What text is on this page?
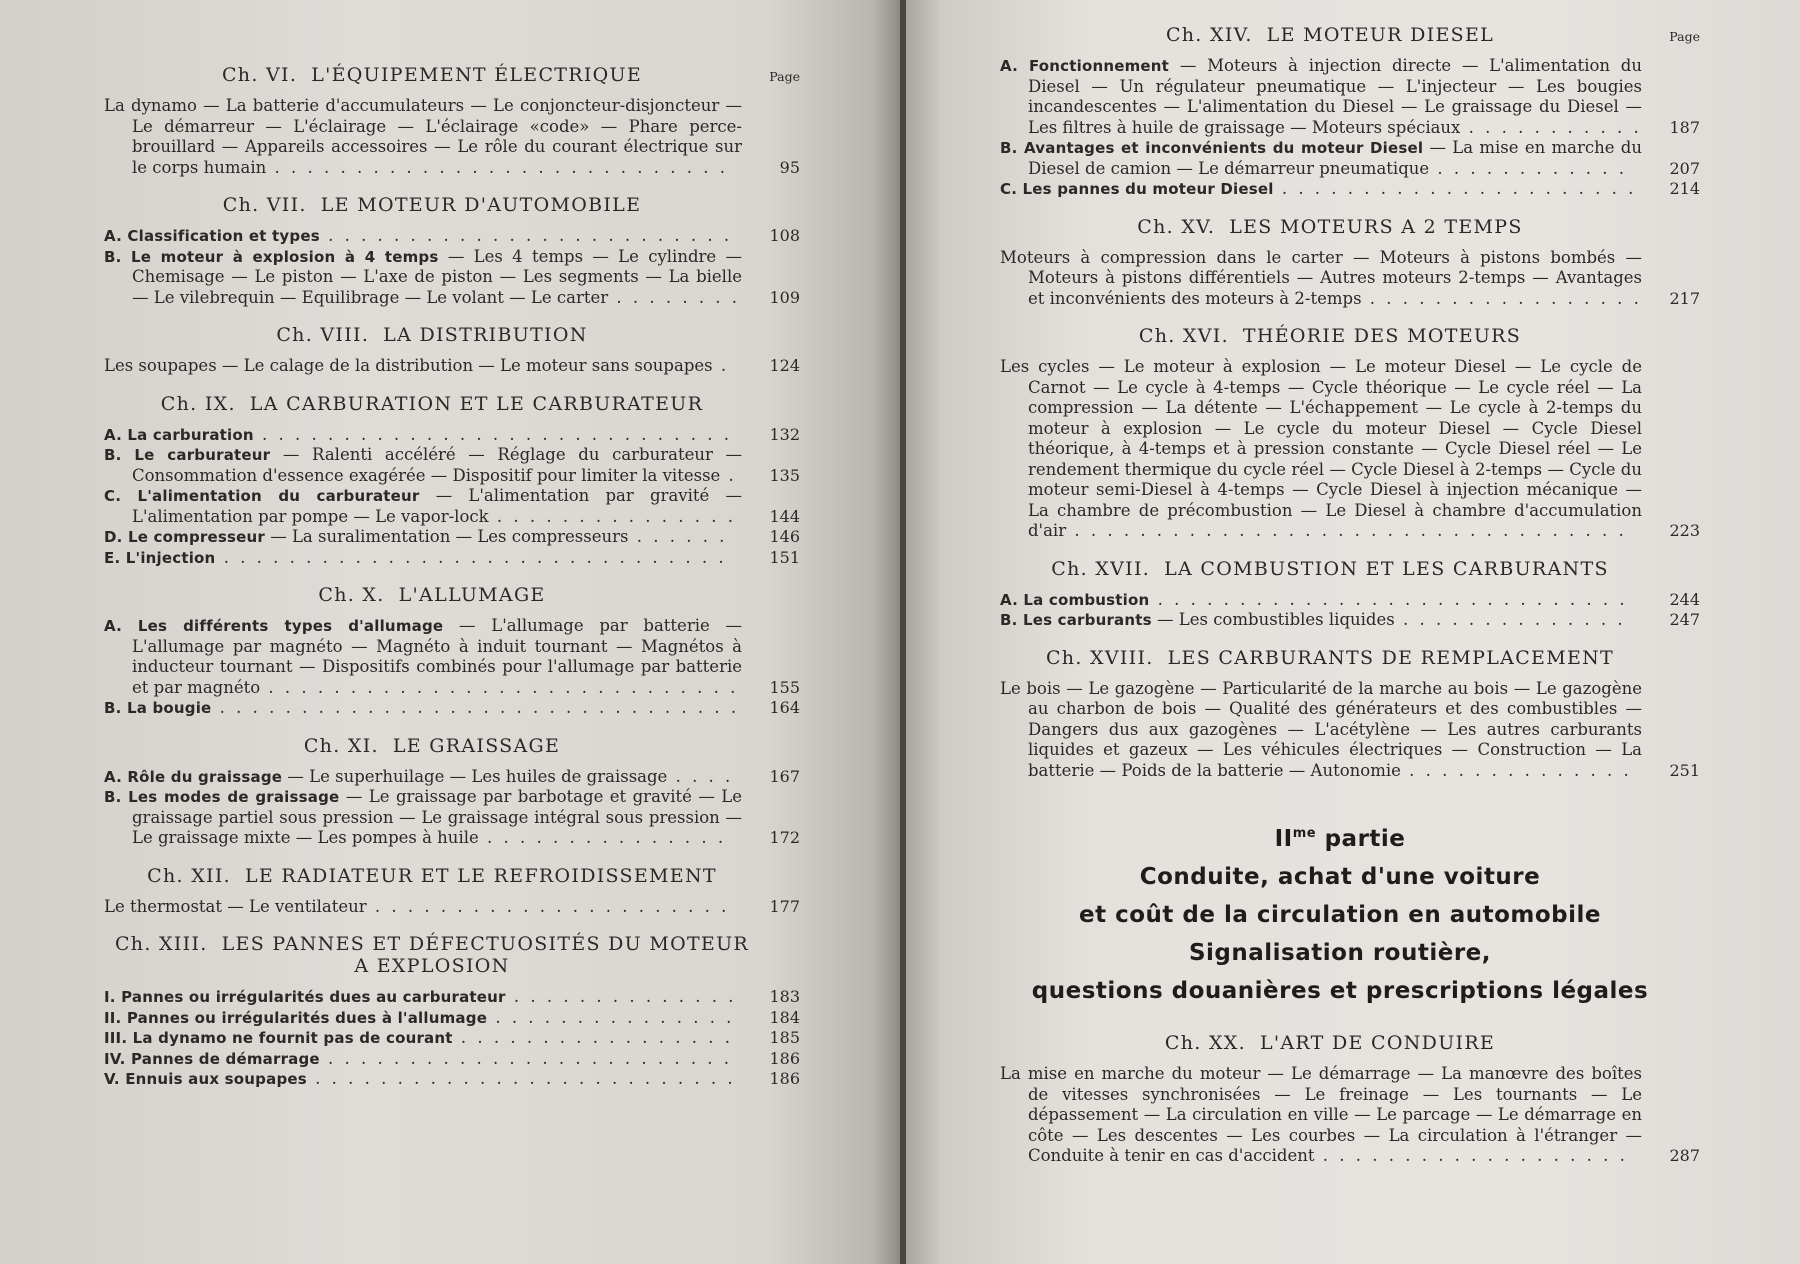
Ch. VI. L'ÉQUIPEMENT ÉLECTRIQUE	Page
La dynamo — La batterie d'accumulateurs — Le conjoncteur-disjoncteur — Le démarreur — L'éclairage — L'éclairage «code» — Phare perce-brouillard — Appareils accessoires — Le rôle du courant électrique sur le corps humain . . . . . . . . . . . . . . . . . . . . . . . . . . . .	95
Ch. VII. LE MOTEUR D'AUTOMOBILE
A. Classification et types . . . . . . . . . . . . . . . . . . . . . . . . .	108
B. Le moteur à explosion à 4 temps — Les 4 temps — Le cylindre — Chemisage — Le piston — L'axe de piston — Les segments — La bielle — Le vilebrequin — Equilibrage — Le volant — Le carter . . . . . . . .	109
Ch. VIII. LA DISTRIBUTION
Les soupapes — Le calage de la distribution — Le moteur sans soupapes .	124
Ch. IX. LA CARBURATION ET LE CARBURATEUR
A. La carburation . . . . . . . . . . . . . . . . . . . . . . . . . . . . .	132
B. Le carburateur — Ralenti accéléré — Réglage du carburateur — Consommation d'essence exagérée — Dispositif pour limiter la vitesse .	135
C. L'alimentation du carburateur — L'alimentation par gravité — L'alimentation par pompe — Le vapor-lock . . . . . . . . . . . . . . .	144
D. Le compresseur — La suralimentation — Les compresseurs . . . . . .	146
E. L'injection . . . . . . . . . . . . . . . . . . . . . . . . . . . . . . .	151
Ch. X. L'ALLUMAGE
A. Les différents types d'allumage — L'allumage par batterie — L'allumage par magnéto — Magnéto à induit tournant — Magnétos à inducteur tournant — Dispositifs combinés pour l'allumage par batterie et par magnéto . . . . . . . . . . . . . . . . . . . . . . . . . . . . .	155
B. La bougie . . . . . . . . . . . . . . . . . . . . . . . . . . . . . . . .	164
Ch. XI. LE GRAISSAGE
A. Rôle du graissage — Le superhuilage — Les huiles de graissage . . . .	167
B. Les modes de graissage — Le graissage par barbotage et gravité — Le graissage partiel sous pression — Le graissage intégral sous pression — Le graissage mixte — Les pompes à huile . . . . . . . . . . . . . . .	172
Ch. XII. LE RADIATEUR ET LE REFROIDISSEMENT
Le thermostat — Le ventilateur . . . . . . . . . . . . . . . . . . . . . .	177
Ch. XIII. LES PANNES ET DÉFECTUOSITÉS DU MOTEUR A EXPLOSION
I. Pannes ou irrégularités dues au carburateur . . . . . . . . . . . . . .	183
II. Pannes ou irrégularités dues à l'allumage . . . . . . . . . . . . . . .	184
III. La dynamo ne fournit pas de courant . . . . . . . . . . . . . . . . .	185
IV. Pannes de démarrage . . . . . . . . . . . . . . . . . . . . . . . . .	186
V. Ennuis aux soupapes . . . . . . . . . . . . . . . . . . . . . . . . . .	186
Ch. XIV. LE MOTEUR DIESEL	Page
A. Fonctionnement — Moteurs à injection directe — L'alimentation du Diesel — Un régulateur pneumatique — L'injecteur — Les bougies incandescentes — L'alimentation du Diesel — Le graissage du Diesel — Les filtres à huile de graissage — Moteurs spéciaux . . . . . . . . . . .	187
B. Avantages et inconvénients du moteur Diesel — La mise en marche du Diesel de camion — Le démarreur pneumatique . . . . . . . . . . . .	207
C. Les pannes du moteur Diesel . . . . . . . . . . . . . . . . . . . . . .	214
Ch. XV. LES MOTEURS A 2 TEMPS
Moteurs à compression dans le carter — Moteurs à pistons bombés — Moteurs à pistons différentiels — Autres moteurs 2-temps — Avantages et inconvénients des moteurs à 2-temps . . . . . . . . . . . . . . . . .	217
Ch. XVI. THÉORIE DES MOTEURS
Les cycles — Le moteur à explosion — Le moteur Diesel — Le cycle de Carnot — Le cycle à 4-temps — Cycle théorique — Le cycle réel — La compression — La détente — L'échappement — Le cycle à 2-temps du moteur à explosion — Le cycle du moteur Diesel — Cycle Diesel théorique, à 4-temps et à pression constante — Cycle Diesel réel — Le rendement thermique du cycle réel — Cycle Diesel à 2-temps — Cycle du moteur semi-Diesel à 4-temps — Cycle Diesel à injection mécanique — La chambre de précombustion — Le Diesel à chambre d'accumulation d'air . . . . . . . . . . . . . . . . . . . . . . . . . . . . . . . . . .	223
Ch. XVII. LA COMBUSTION ET LES CARBURANTS
A. La combustion . . . . . . . . . . . . . . . . . . . . . . . . . . . . .	244
B. Les carburants — Les combustibles liquides . . . . . . . . . . . . . .	247
Ch. XVIII. LES CARBURANTS DE REMPLACEMENT
Le bois — Le gazogène — Particularité de la marche au bois — Le gazogène au charbon de bois — Qualité des générateurs et des combustibles — Dangers dus aux gazogènes — L'acétylène — Les autres carburants liquides et gazeux — Les véhicules électriques — Construction — La batterie — Poids de la batterie — Autonomie . . . . . . . . . . . . . .	251
$II^{me}$ partie
Conduite, achat d'une voiture
et coût de la circulation en automobile
Signalisation routière,
questions douanières et prescriptions légales
Ch. XX. L'ART DE CONDUIRE
La mise en marche du moteur — Le démarrage — La manœvre des boîtes de vitesses synchronisées — Le freinage — Les tournants — Le dépassement — La circulation en ville — Le parcage — Le démarrage en côte — Les descentes — Les courbes — La circulation à l'étranger — Conduite à tenir en cas d'accident . . . . . . . . . . . . . . . . . . .	287
